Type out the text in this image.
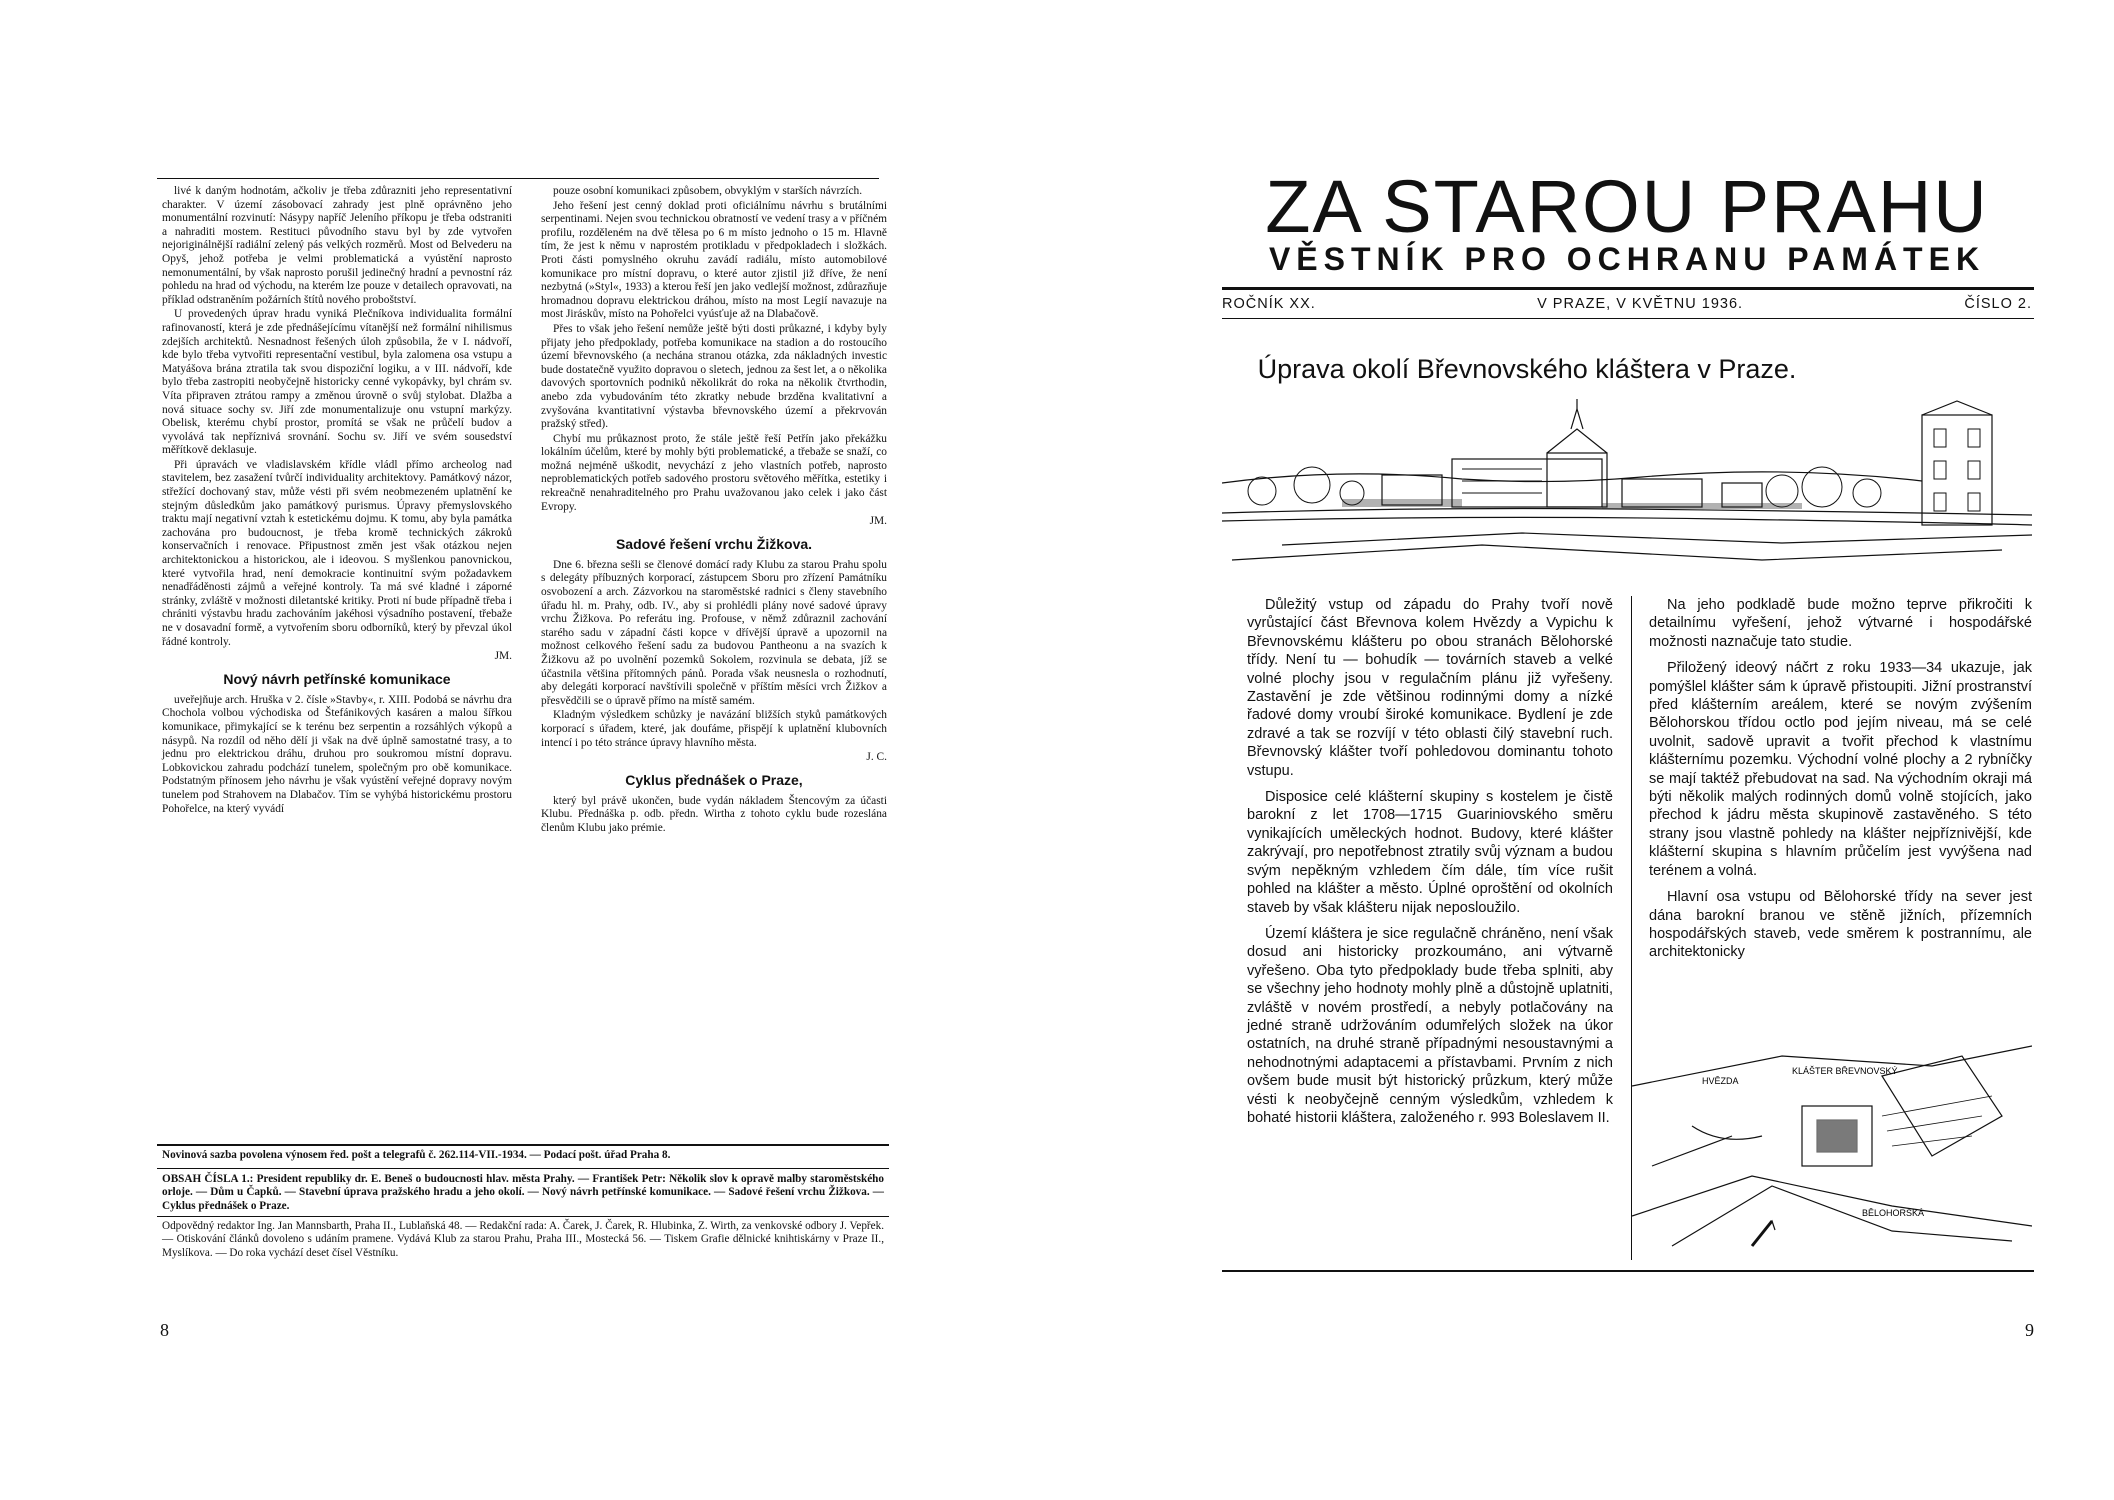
livé k daným hodnotám, ačkoliv je třeba zdůrazniti jeho representativní charakter. V území zásobovací zahrady jest plně oprávněno jeho monumentální rozvinutí: Násypy napříč Jeleního příkopu je třeba odstraniti a nahraditi mostem. Restituci původního stavu byl by zde vytvořen nejoriginálnější radiální zelený pás velkých rozměrů. Most od Belvederu na Opyš, jehož potřeba je velmi problematická a vyústění naprosto nemonumentální, by však naprosto porušil jedinečný hradní a pevnostní ráz pohledu na hrad od východu, na kterém lze pouze v detailech opravovati, na příklad odstraněním požárních štítů nového proboštství.

U provedených úprav hradu vyniká Plečníkova individualita formální rafinovaností, která je zde přednášejícímu vítanější než formální nihilismus zdejších architektů. Nesnadnost řešených úloh způsobila, že v I. nádvoří, kde bylo třeba vytvořiti representační vestibul, byla zalomena osa vstupu a Matyášova brána ztratila tak svou dispoziční logiku, a v III. nádvoří, kde bylo třeba zastropiti neobyčejně historicky cenné vykopávky, byl chrám sv. Víta připraven ztrátou rampy a změnou úrovně o svůj stylobat. Dlažba a nová situace sochy sv. Jiří zde monumentalizuje onu vstupní markýzy. Obelisk, kterému chybí prostor, promítá se však ne průčelí budov a vyvolává tak nepříznivá srovnání. Sochu sv. Jiří ve svém sousedství měřítkově deklasuje.

Při úpravách ve vladislavském křídle vládl přímo archeolog nad stavitelem, bez zasažení tvůrčí individuality architektovy. Památkový názor, střežící dochovaný stav, může vésti při svém neobmezeném uplatnění ke stejným důsledkům jako památkový purismus. Úpravy přemyslovského traktu mají negativní vztah k estetickému dojmu. K tomu, aby byla památka zachována pro budoucnost, je třeba kromě technických zákroků konservačních i renovace. Připustnost změn jest však otázkou nejen architektonickou a historickou, ale i ideovou. S myšlenkou panovnickou, které vytvořila hrad, není demokracie kontinuitní svým požadavkem nenadřáděnosti zájmů a veřejné kontroly. Ta má své kladné i záporné stránky, zvláště v možnosti diletantské kritiky. Proti ní bude případně třeba i chrániti výstavbu hradu zachováním jakéhosi výsadního postavení, třebaže ne v dosavadní formě, a vytvořením sboru odborníků, který by převzal úkol řádné kontroly.

JM.
Nový návrh petřínské komunikace

uveřejňuje arch. Hruška v 2. čísle »Stavby«, r. XIII. Podobá se návrhu dra Chochola volbou východiska od Štefánikových kasáren a malou šířkou komunikace, přimykající se k terénu bez serpentin a rozsáhlých výkopů a násypů. Na rozdíl od něho dělí ji však na dvě úplně samostatné trasy, a to jednu pro elektrickou dráhu, druhou pro soukromou místní dopravu. Lobkovickou zahradu podchází tunelem, společným pro obě komunikace. Podstatným přínosem jeho návrhu je však vyústění veřejné dopravy novým tunelem pod Strahovem na Dlabačov. Tím se vyhýbá historickému prostoru Pohořelce, na který vyvádí

pouze osobní komunikaci způsobem, obvyklým v starších návrzích.

Jeho řešení jest cenný doklad proti oficiálnímu návrhu s brutálními serpentinami. Nejen svou technickou obratností ve vedení trasy a v příčném profilu, rozděleném na dvě tělesa po 6 m místo jednoho o 15 m. Hlavně tím, že jest k němu v naprostém protikladu v předpokladech i složkách. Proti části pomyslného okruhu zavádí radiálu, místo automobilové komunikace pro místní dopravu, o které autor zjistil již dříve, že není nezbytná (»Styl«, 1933) a kterou řeší jen jako vedlejší možnost, zdůrazňuje hromadnou dopravu elektrickou dráhou, místo na most Legií navazuje na most Jiráskův, místo na Pohořelci vyúsťuje až na Dlabačově.

Přes to však jeho řešení nemůže ještě býti dosti průkazné, i kdyby byly přijaty jeho předpoklady, potřeba komunikace na stadion a do rostoucího území břevnovského (a nechána stranou otázka, zda nákladných investic bude dostatečně využito dopravou o sletech, jednou za šest let, a o několika davových sportovních podniků několikrát do roka na několik čtvrthodin, anebo zda vybudováním této zkratky nebude brzděna kvalitativní a zvyšována kvantitativní výstavba břevnovského území a překrvován pražský střed).

Chybí mu průkaznost proto, že stále ještě řeší Petřín jako překážku lokálním účelům, které by mohly býti problematické, a třebaže se snaží, co možná nejméně uškodit, nevychází z jeho vlastních potřeb, naprosto neproblematických potřeb sadového prostoru světového měřítka, estetiky i rekreačně nenahraditelného pro Prahu uvažovanou jako celek i jako část Evropy.

JM.
Sadové řešení vrchu Žižkova.

Dne 6. března sešli se členové domácí rady Klubu za starou Prahu spolu s delegáty příbuzných korporací, zástupcem Sboru pro zřízení Památníku osvobození a arch. Zázvorkou na staroměstské radnici s členy stavebního úřadu hl. m. Prahy, odb. IV., aby si prohlédli plány nové sadové úpravy vrchu Žižkova. Po referátu ing. Profouse, v němž zdůraznil zachování starého sadu v západní části kopce v dřívější úpravě a upozornil na možnost celkového řešení sadu za budovou Pantheonu a na svazích k Žižkovu až po uvolnění pozemků Sokolem, rozvinula se debata, jíž se účastnila většina přítomných pánů. Porada však neusnesla o rozhodnutí, aby delegáti korporací navštívili společně v příštím měsíci vrch Žižkov a přesvědčili se o úpravě přímo na místě samém.

Kladným výsledkem schůzky je navázání bližších styků památkových korporací s úřadem, které, jak doufáme, přispějí k uplatnění klubovních intencí i po této stránce úpravy hlavního města.

J. C.
Cyklus přednášek o Praze,

který byl právě ukončen, bude vydán nákladem Štencovým za účasti Klubu. Přednáška p. odb. předn. Wirtha z tohoto cyklu bude rozeslána členům Klubu jako prémie.

Novinová sazba povolena výnosem řed. pošt a telegrafů č. 262.114-VII.-1934. — Podací pošt. úřad Praha 8.

OBSAH ČÍSLA 1.: President republiky dr. E. Beneš o budoucnosti hlav. města Prahy. — František Petr: Několik slov k opravě malby staroměstského orloje. — Dům u Čapků. — Stavební úprava pražského hradu a jeho okolí. — Nový návrh petřínské komunikace. — Sadové řešení vrchu Žižkova. — Cyklus přednášek o Praze.

Odpovědný redaktor Ing. Jan Mannsbarth, Praha II., Lublaňská 48. — Redakční rada: A. Čarek, J. Čarek, R. Hlubinka, Z. Wirth, za venkovské odbory J. Vepřek. — Otiskování článků dovoleno s udáním pramene. Vydává Klub za starou Prahu, Praha III., Mostecká 56. — Tiskem Grafie dělnické knihtiskárny v Praze II., Myslíkova. — Do roka vychází deset čísel Věstníku.

8
ZA STAROU PRAHU
VĚSTNÍK PRO OCHRANU PAMÁTEK
ROČNÍK XX.	V PRAZE, V KVĚTNU 1936.	ČÍSLO 2.
Úprava okolí Břevnovského kláštera v Praze.

Důležitý vstup od západu do Prahy tvoří nově vyrůstající část Břevnova kolem Hvězdy a Vypichu k Břevnovskému klášteru po obou stranách Bělohorské třídy. Není tu — bohudík — továrních staveb a velké volné plochy jsou v regulačním plánu již vyřešeny. Zastavění je zde většinou rodinnými domy a nízké řadové domy vroubí široké komunikace. Bydlení je zde zdravé a tak se rozvíjí v této oblasti čilý stavební ruch. Břevnovský klášter tvoří pohledovou dominantu tohoto vstupu.

Disposice celé klášterní skupiny s kostelem je čistě barokní z let 1708—1715 Guariniovského směru vynikajících uměleckých hodnot. Budovy, které klášter zakrývají, pro nepotřebnost ztratily svůj význam a budou svým nepěkným vzhledem čím dále, tím více rušit pohled na klášter a město. Úplné oproštění od okolních staveb by však klášteru nijak neposloužilo.

Území kláštera je sice regulačně chráněno, není však dosud ani historicky prozkoumáno, ani výtvarně vyřešeno. Oba tyto předpoklady bude třeba splniti, aby se všechny jeho hodnoty mohly plně a důstojně uplatniti, zvláště v novém prostředí, a nebyly potlačovány na jedné straně udržováním odumřelých složek na úkor ostatních, na druhé straně případnými nesoustavnými a nehodnotnými adaptacemi a přístavbami. Prvním z nich ovšem bude musit být historický průzkum, který může vésti k neobyčejně cenným výsledkům, vzhledem k bohaté historii kláštera, založeného r. 993 Boleslavem II.

Na jeho podkladě bude možno teprve přikročiti k detailnímu vyřešení, jehož výtvarné i hospodářské možnosti naznačuje tato studie.

Přiložený ideový náčrt z roku 1933—34 ukazuje, jak pomýšlel klášter sám k úpravě přistoupiti. Jižní prostranství před klášterním areálem, které se novým zvýšením Bělohorskou třídou octlo pod jejím niveau, má se celé uvolnit, sadově upravit a tvořit přechod k vlastnímu klášternímu pozemku. Východní volné plochy a 2 rybníčky se mají taktéž přebudovat na sad. Na východním okraji má býti několik malých rodinných domů volně stojících, jako přechod k jádru města skupinově zastavěného. S této strany jsou vlastně pohledy na klášter nejpříznivější, kde klášterní skupina s hlavním průčelím jest vyvýšena nad terénem a volná.

Hlavní osa vstupu od Bělohorské třídy na sever jest dána barokní branou ve stěně jižních, přízemních hospodářských staveb, vede směrem k postrannímu, ale architektonicky

HVĚZDA
KLÁŠTER BŘEVNOVSKÝ
BĚLOHORSKÁ
9
